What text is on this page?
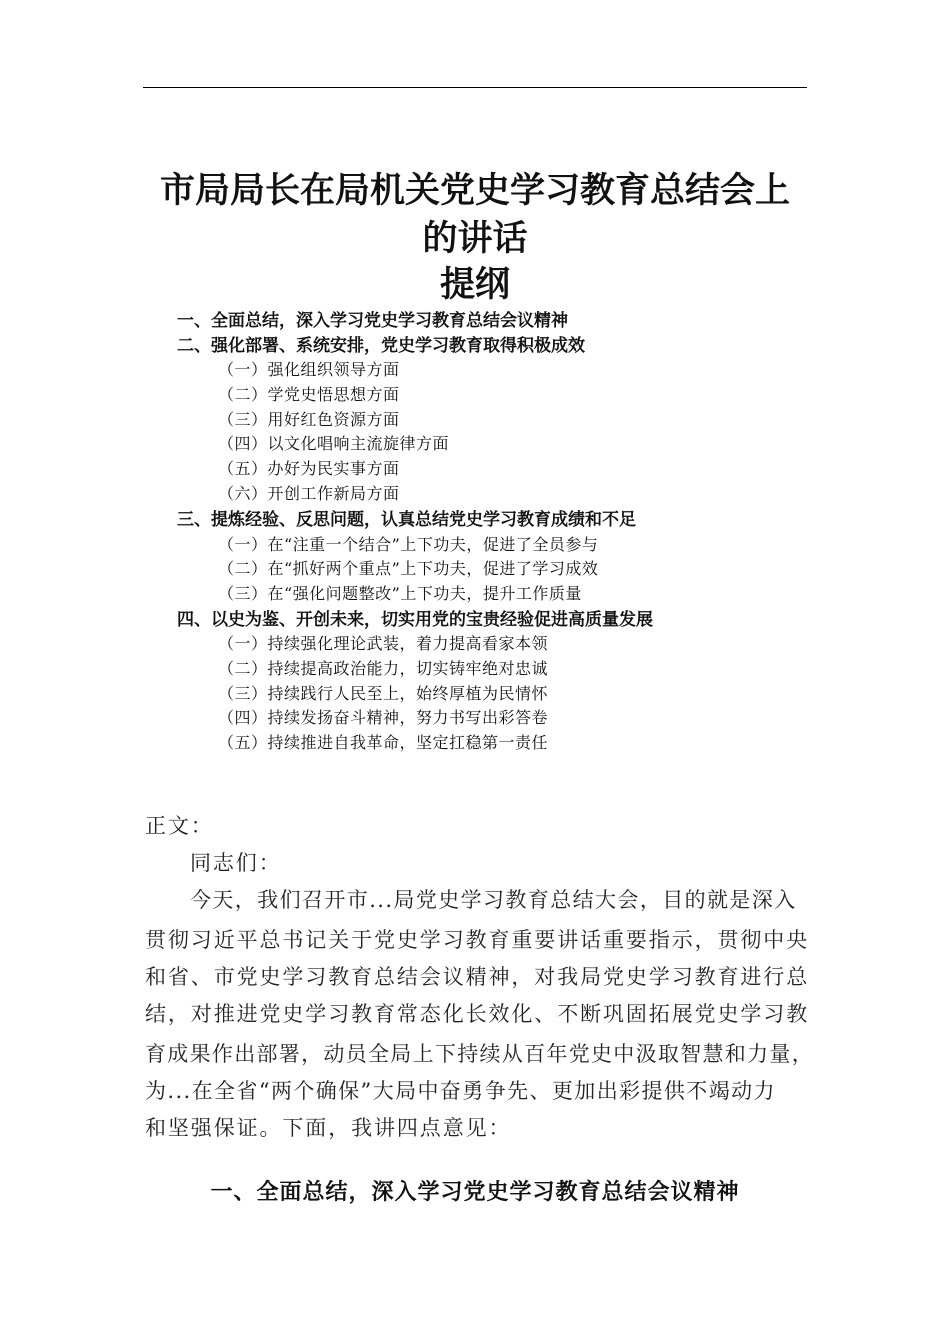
市局局长在局机关党史学习教育总结会上
的讲话
提纲
一、全面总结，深入学习党史学习教育总结会议精神
二、强化部署、系统安排，党史学习教育取得积极成效
（一）强化组织领导方面
（二）学党史悟思想方面
（三）用好红色资源方面
（四）以文化唱响主流旋律方面
（五）办好为民实事方面
（六）开创工作新局方面
三、提炼经验、反思问题，认真总结党史学习教育成绩和不足
（一）在“注重一个结合”上下功夫，促进了全员参与
（二）在“抓好两个重点”上下功夫，促进了学习成效
（三）在“强化问题整改”上下功夫，提升工作质量
四、以史为鉴、开创未来，切实用党的宝贵经验促进高质量发展
（一）持续强化理论武装，着力提高看家本领
（二）持续提高政治能力，切实铸牢绝对忠诚
（三）持续践行人民至上，始终厚植为民情怀
（四）持续发扬奋斗精神，努力书写出彩答卷
（五）持续推进自我革命，坚定扛稳第一责任
正文：
同志们：
今天，我们召开市...局党史学习教育总结大会，目的就是深入
贯彻习近平总书记关于党史学习教育重要讲话重要指示，贯彻中央
和省、市党史学习教育总结会议精神，对我局党史学习教育进行总
结，对推进党史学习教育常态化长效化、不断巩固拓展党史学习教
育成果作出部署，动员全局上下持续从百年党史中汲取智慧和力量，
为...在全省“两个确保”大局中奋勇争先、更加出彩提供不竭动力
和坚强保证。下面，我讲四点意见：
一、全面总结，深入学习党史学习教育总结会议精神
